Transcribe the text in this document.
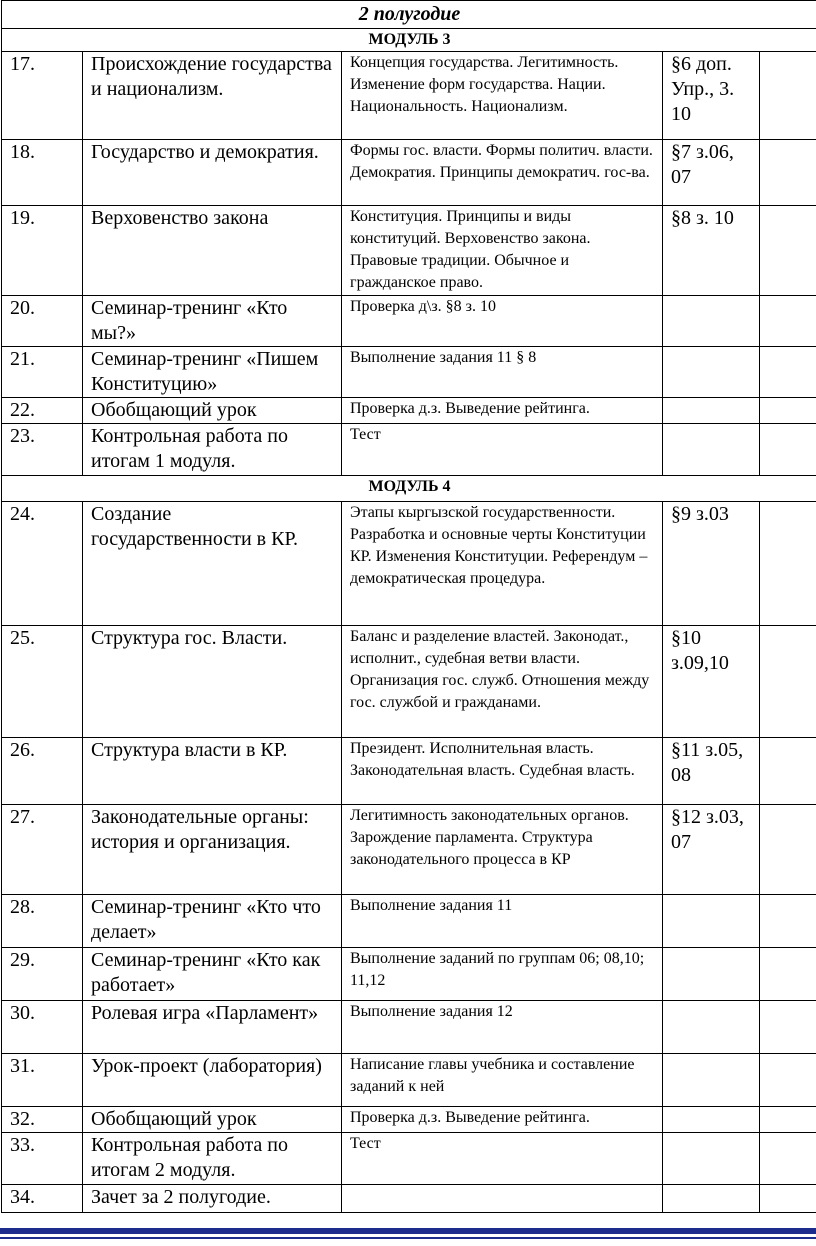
2 полугодие				
МОДУЛЬ 3				
17.	Происхождение государства и национализм.	Концепция государства. Легитимность. Изменение форм государства. Нации. Национальность. Национализм.	§6 доп. Упр., 3. 10	
18.	Государство и демократия.	Формы гос. власти. Формы политич. власти. Демократия. Принципы демократич. гос-ва.	§7 з.06, 07	
19.	Верховенство закона	Конституция. Принципы и виды конституций. Верховенство закона. Правовые традиции. Обычное и гражданское право.	§8 з. 10	
20.	Семинар-тренинг «Кто мы?»	Проверка д\з. §8 з. 10		
21.	Семинар-тренинг «Пишем Конституцию»	Выполнение задания 11 § 8		
22.	Обобщающий урок	Проверка д.з. Выведение рейтинга.		
23.	Контрольная работа по итогам 1 модуля.	Тест		
МОДУЛЬ 4				
24.	Создание государственности в КР.	Этапы кыргызской государственности. Разработка и основные черты Конституции КР. Изменения Конституции. Референдум – демократическая процедура.	§9 з.03	
25.	Структура гос. Власти.	Баланс и разделение властей. Законодат., исполнит., судебная ветви власти. Организация гос. служб. Отношения между гос. службой и гражданами.	§10 з.09,10	
26.	Структура власти в КР.	Президент. Исполнительная власть. Законодательная власть. Судебная власть.	§11 з.05, 08	
27.	Законодательные органы: история и организация.	Легитимность законодательных органов. Зарождение парламента. Структура законодательного процесса в КР	§12 з.03, 07	
28.	Семинар-тренинг «Кто что делает»	Выполнение задания 11		
29.	Семинар-тренинг «Кто как работает»	Выполнение заданий по группам 06; 08,10; 11,12		
30.	Ролевая игра «Парламент»	Выполнение задания 12		
31.	Урок-проект (лаборатория)	Написание главы учебника и составление заданий к ней		
32.	Обобщающий урок	Проверка д.з. Выведение рейтинга.		
33.	Контрольная работа по итогам 2 модуля.	Тест		
34.	Зачет за 2 полугодие.			
